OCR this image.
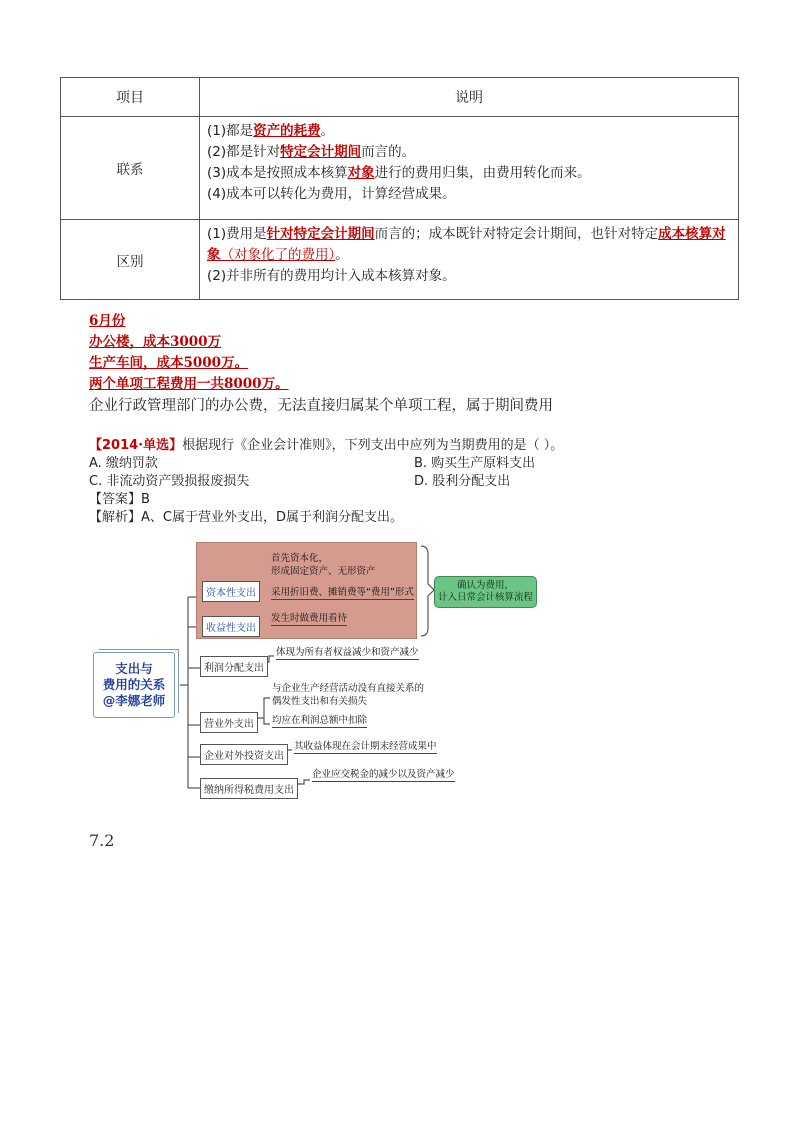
项目	说明
联系	(1)都是资产的耗费。
(2)都是针对特定会计期间而言的。
(3)成本是按照成本核算对象进行的费用归集，由费用转化而来。
(4)成本可以转化为费用，计算经营成果。

区别	(1)费用是针对特定会计期间而言的；成本既针对特定会计期间，也针对特定成本核算对象（对象化了的费用）。
(2)并非所有的费用均计入成本核算对象。
6月份
办公楼，成本3000万
生产车间，成本5000万。
两个单项工程费用一共8000万。
企业行政管理部门的办公费，无法直接归属某个单项工程，属于期间费用
【2014·单选】根据现行《企业会计准则》，下列支出中应列为当期费用的是（ ）。
A. 缴纳罚款	B. 购买生产原料支出
C. 非流动资产毁损报废损失	D. 股利分配支出
【答案】B
【解析】A、C属于营业外支出，D属于利润分配支出。
支出与
费用的关系
@李娜老师
资本性支出
首先资本化，
形成固定资产、无形资产
采用折旧费、摊销费等“费用”形式
收益性支出
发生时做费用看待
确认为费用，
计入日常会计核算流程
利润分配支出
体现为所有者权益减少和资产减少
营业外支出
与企业生产经营活动没有直接关系的
偶发性支出和有关损失
均应在利润总额中扣除
企业对外投资支出
其收益体现在会计期末经营成果中
缴纳所得税费用支出
企业应交税金的减少以及资产减少
7.2
